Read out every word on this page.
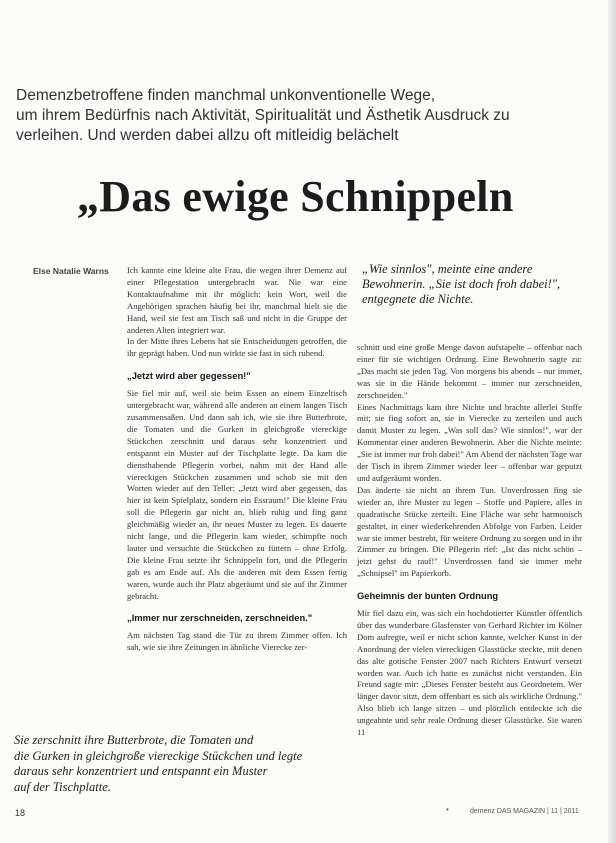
Demenzbetroffene finden manchmal unkonventionelle Wege,
um ihrem Bedürfnis nach Aktivität, Spiritualität und Ästhetik Ausdruck zu
verleihen. Und werden dabei allzu oft mitleidig belächelt

„Das ewige Schnippeln
Else Natalie Warns Ich kannte eine kleine alte Frau, die wegen ihrer Demenz auf einer Pflegestation untergebracht war. Nie war eine Kontaktaufnahme mit ihr möglich: kein Wort, weil die Angehörigen sprachen häufig bei ihr, manchmal hielt sie die Hand, weil sie fest am Tisch saß und nicht in die Gruppe der anderen Alten integriert war.

In der Mitte ihres Lebens hat sie Entscheidungen getroffen, die ihr geprägt haben. Und nun wirkte sie fast in sich ruhend.

„Jetzt wird aber gegessen!"

Sie fiel mir auf, weil sie beim Essen an einem Einzeltisch untergebracht war, während alle anderen an einem langen Tisch zusammensaßen. Und dann sah ich, wie sie ihre Butterbrote, die Tomaten und die Gurken in gleichgroße viereckige Stückchen zerschnitt und daraus sehr konzentriert und entspannt ein Muster auf der Tischplatte legte. Da kam die diensthabende Pflegerin vorbei, nahm mit der Hand alle viereckigen Stückchen zusammen und schob sie mit den Worten wieder auf den Teller: „Jetzt wird aber gegessen, das hier ist kein Spielplatz, sondern ein Essraum!" Die kleine Frau soll die Pflegerin gar nicht an, blieb ruhig und fing ganz gleichmäßig wieder an, ihr neues Muster zu legen. Es dauerte nicht lange, und die Pflegerin kam wieder, schimpfte noch lauter und versuchte die Stückchen zu füttern – ohne Erfolg. Die kleine Frau setzte ihr Schnippeln fort, und die Pflegerin gab es am Ende auf. Als die anderen mit dem Essen fertig waren, wurde auch ihr Platz abgeräumt und sie auf ihr Zimmer gebracht.

„Immer nur zerschneiden, zerschneiden."

Am nächsten Tag stand die Tür zu ihrem Zimmer offen. Ich sah, wie sie ihre Zeitungen in ähnliche Vierecke zer-

„Wie sinnlos", meinte eine andere
Bewohnerin. „Sie ist doch froh dabei!",
entgegnete die Nichte.

schnitt und eine große Menge davon aufstapelte – offenbar nach einer für sie wichtigen Ordnung. Eine Bewohnerin sagte zu: „Das macht sie jeden Tag. Von morgens bis abends – nur immer, was sie in die Hände bekommt – immer nur zerschneiden, zerschneiden."

Eines Nachmittags kam ihre Nichte und brachte allerlei Stoffe mit; sie fing sofort an, sie in Vierecke zu zerteilen und auch damit Muster zu legen. „Was soll das? Wie sinnlos!", war der Kommentar einer anderen Bewohnerin. Aber die Nichte meinte: „Sie ist immer nur froh dabei!" Am Abend der nächsten Tage war der Tisch in ihrem Zimmer wieder leer – offenbar war geputzt und aufgeräumt worden.

Das änderte sie nicht an ihrem Tun. Unverdrossen fing sie wieder an, ihre Muster zu legen – Stoffe und Papiere, alles in quadratische Stücke zerteilt. Eine Fläche war sehr harmonisch gestaltet, in einer wiederkehrenden Abfolge von Farben. Leider war sie immer bestrebt, für weitere Ordnung zu sorgen und in ihr Zimmer zu bringen. Die Pflegerin rief: „Ist das nicht schön – jetzt gehst du rauf!" Unverdrossen fand sie immer mehr „Schnipsel" im Papierkorb.

Geheimnis der bunten Ordnung

Mir fiel dazu ein, was sich ein hochdotierter Künstler öffentlich über das wunderbare Glasfenster von Gerhard Richter im Kölner Dom aufregte, weil er nicht schon kannte, welcher Kunst in der Anordnung der vielen viereckigen Glasstücke steckte, mit denen das alte gotische Fenster 2007 nach Richters Entwurf versetzt worden war. Auch ich hatte es zunächst nicht verstanden. Ein Freund sagte mir: „Dieses Fenster besteht aus Geordnetem. Wer länger davor sitzt, dem offenbart es sich als wirkliche Ordnung." Also blieb ich lange sitzen – und plötzlich entdeckte ich die ungeahnte und sehr reale Ordnung dieser Glasstücke. Sie waren 11

Sie zerschnitt ihre Butterbrote, die Tomaten und
die Gurken in gleichgroße viereckige Stückchen und legte
daraus sehr konzentriert und entspannt ein Muster
auf der Tischplatte.

18	•	demenz DAS MAGAZIN | 11 | 2011
